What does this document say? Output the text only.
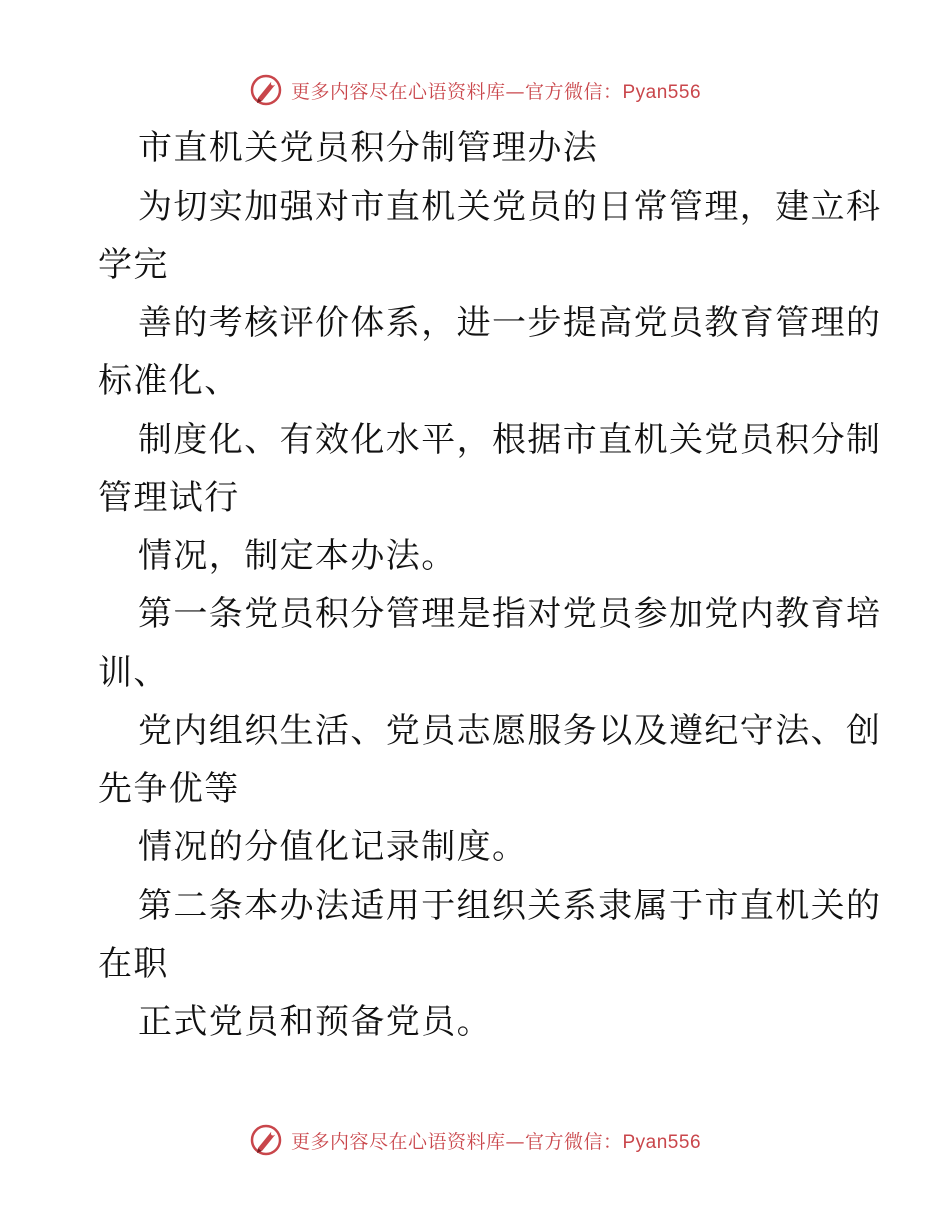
更多内容尽在心语资料库—官方微信：Pyan556
市直机关党员积分制管理办法
为切实加强对市直机关党员的日常管理，建立科
学完
善的考核评价体系，进一步提高党员教育管理的
标准化、
制度化、有效化水平，根据市直机关党员积分制
管理试行
情况，制定本办法。
第一条党员积分管理是指对党员参加党内教育培
训、
党内组织生活、党员志愿服务以及遵纪守法、创
先争优等
情况的分值化记录制度。
第二条本办法适用于组织关系隶属于市直机关的
在职
正式党员和预备党员。
更多内容尽在心语资料库—官方微信：Pyan556
